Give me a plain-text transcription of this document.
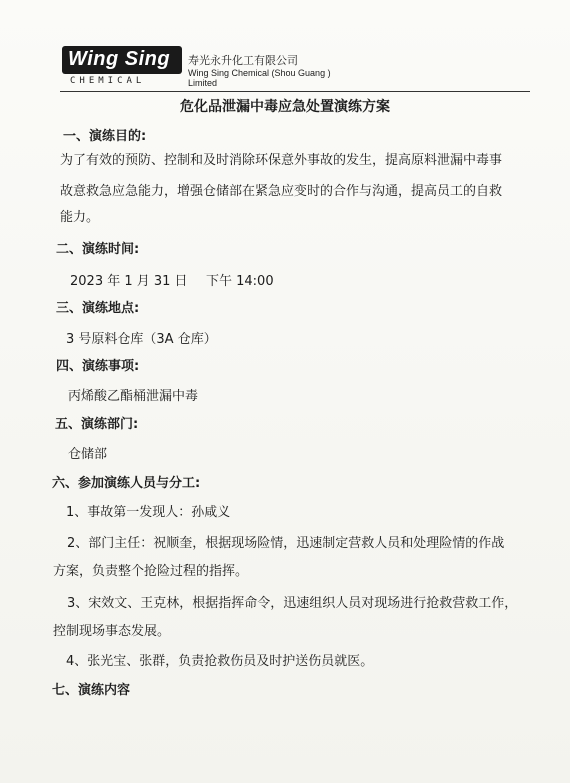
Wing Sing
CHEMICAL
寿光永升化工有限公司
Wing Sing Chemical (Shou Guang ) Limited
危化品泄漏中毒应急处置演练方案
一、演练目的:
为了有效的预防、控制和及时消除环保意外事故的发生，提高原料泄漏中毒事
故意救急应急能力，增强仓储部在紧急应变时的合作与沟通，提高员工的自救
能力。
二、演练时间:
2023 年 1 月 31 日 下午 14:00
三、演练地点:
3 号原料仓库（3A 仓库）
四、演练事项:
丙烯酸乙酯桶泄漏中毒
五、演练部门:
仓储部
六、参加演练人员与分工:
1、事故第一发现人：孙咸义
2、部门主任：祝顺奎，根据现场险情，迅速制定营救人员和处理险情的作战
方案，负责整个抢险过程的指挥。
3、宋效文、王克林，根据指挥命令，迅速组织人员对现场进行抢救营救工作，
控制现场事态发展。
4、张光宝、张群，负责抢救伤员及时护送伤员就医。
七、演练内容
